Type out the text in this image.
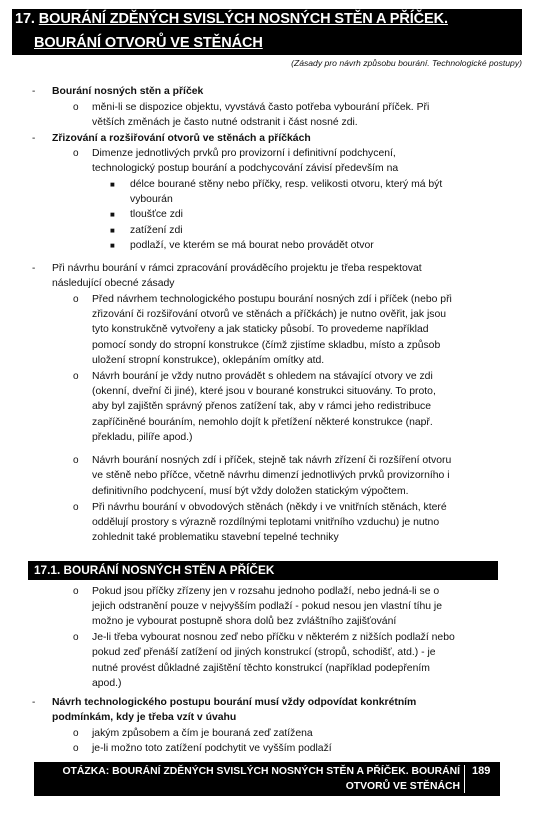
17. BOURÁNÍ ZDĚNÝCH SVISLÝCH NOSNÝCH STĚN A PŘÍČEK.
BOURÁNÍ OTVORŮ VE STĚNÁCH
(Zásady pro návrh způsobu bourání. Technologické postupy)
-
o
-
o
■
■
■
■
-
o
o
o
o
o
o
-
o
o
Bourání nosných stěn a příček
měni-li se dispozice objektu, vyvstává často potřeba vybourání příček. Při
větších změnách je často nutné odstranit i část nosné zdi.
Zřizování a rozšiřování otvorů ve stěnách a příčkách
Dimenze jednotlivých prvků pro provizorní i definitivní podchycení,
technologický postup bourání a podchycování závisí především na
délce bourané stěny nebo příčky, resp. velikosti otvoru, který má být
vybourán
tloušťce zdi
zatížení zdi
podlaží, ve kterém se má bourat nebo provádět otvor
Při návrhu bourání v rámci zpracování prováděcího projektu je třeba respektovat
následující obecné zásady
Před návrhem technologického postupu bourání nosných zdí i příček (nebo při
zřizování či rozšiřování otvorů ve stěnách a příčkách) je nutno ověřit, jak jsou
tyto konstrukčně vytvořeny a jak staticky působí. To provedeme například
pomocí sondy do stropní konstrukce (čímž zjistíme skladbu, místo a způsob
uložení stropní konstrukce), oklepáním omítky atd.
Návrh bourání je vždy nutno provádět s ohledem na stávající otvory ve zdi
(okenní, dveřní či jiné), které jsou v bourané konstrukci situovány. To proto,
aby byl zajištěn správný přenos zatížení tak, aby v rámci jeho redistribuce
zapříčiněné bouráním, nemohlo dojít k přetížení některé konstrukce (např.
překladu, pilíře apod.)
Návrh bourání nosných zdí i příček, stejně tak návrh zřízení či rozšíření otvoru
ve stěně nebo příčce, včetně návrhu dimenzí jednotlivých prvků provizorního i
definitivního podchycení, musí být vždy doložen statickým výpočtem.
Při návrhu bourání v obvodových stěnách (někdy i ve vnitřních stěnách, které
oddělují prostory s výrazně rozdílnými teplotami vnitřního vzduchu) je nutno
zohlednit také problematiku stavební tepelné techniky
17.1. BOURÁNÍ NOSNÝCH STĚN A PŘÍČEK
Pokud jsou příčky zřízeny jen v rozsahu jednoho podlaží, nebo jedná-li se o
jejich odstranění pouze v nejvyšším podlaží - pokud nesou jen vlastní tíhu je
možno je vybourat postupně shora dolů bez zvláštního zajišťování
Je-li třeba vybourat nosnou zeď nebo příčku v některém z nižších podlaží nebo
pokud zeď přenáší zatížení od jiných konstrukcí (stropů, schodišť, atd.) - je
nutné provést důkladné zajištění těchto konstrukcí (například podepřením
apod.)
Návrh technologického postupu bourání musí vždy odpovídat konkrétním
podmínkám, kdy je třeba vzít v úvahu
jakým způsobem a čím je bouraná zeď zatížena
je-li možno toto zatížení podchytit ve vyšším podlaží
OTÁZKA: BOURÁNÍ ZDĚNÝCH SVISLÝCH NOSNÝCH STĚN A PŘÍČEK. BOURÁNÍ
OTVORŮ VE STĚNÁCH
189
